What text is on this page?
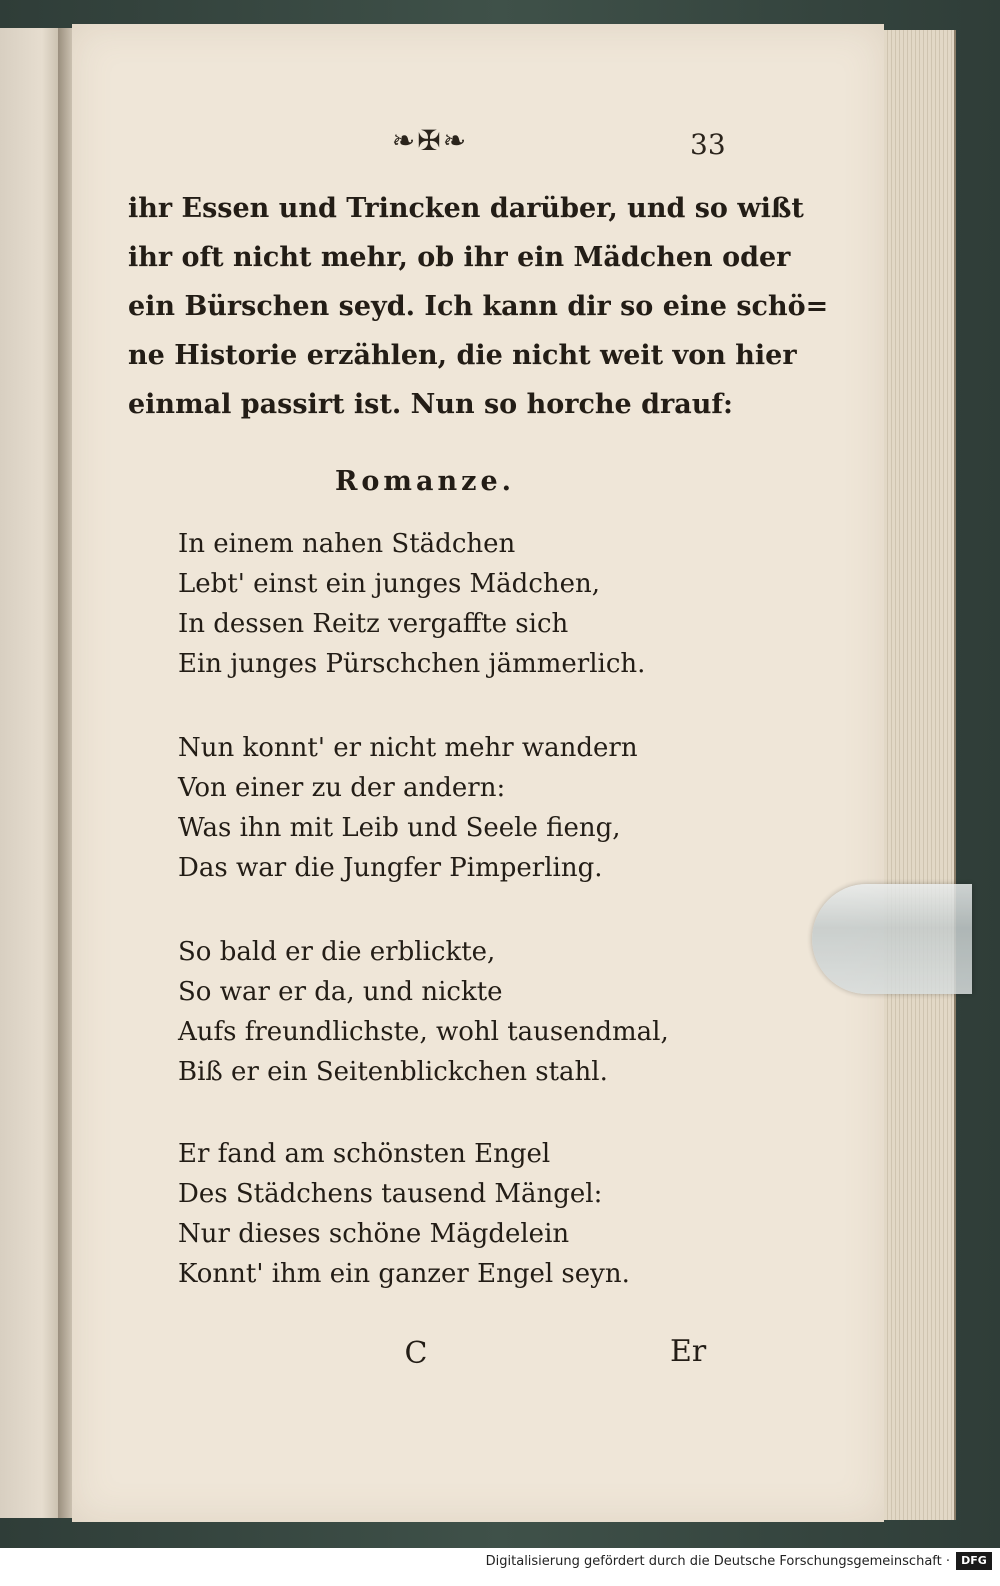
❧✠❧	33
ihr Essen und Trincken darüber, und so wißt
ihr oft nicht mehr, ob ihr ein Mädchen oder
ein Bürschen seyd. Ich kann dir so eine schö=
ne Historie erzählen, die nicht weit von hier
einmal passirt ist. Nun so horche drauf:
Romanze.
In einem nahen Städchen
Lebt' einst ein junges Mädchen,
In dessen Reitz vergaffte sich
Ein junges Pürschchen jämmerlich.
Nun konnt' er nicht mehr wandern
Von einer zu der andern:
Was ihn mit Leib und Seele fieng,
Das war die Jungfer Pimperling.
So bald er die erblickte,
So war er da, und nickte
Aufs freundlichste, wohl tausendmal,
Biß er ein Seitenblickchen stahl.
Er fand am schönsten Engel
Des Städchens tausend Mängel:
Nur dieses schöne Mägdelein
Konnt' ihm ein ganzer Engel seyn.
C	Er
Digitalisierung gefördert durch die Deutsche Forschungsgemeinschaft ·	DFG
